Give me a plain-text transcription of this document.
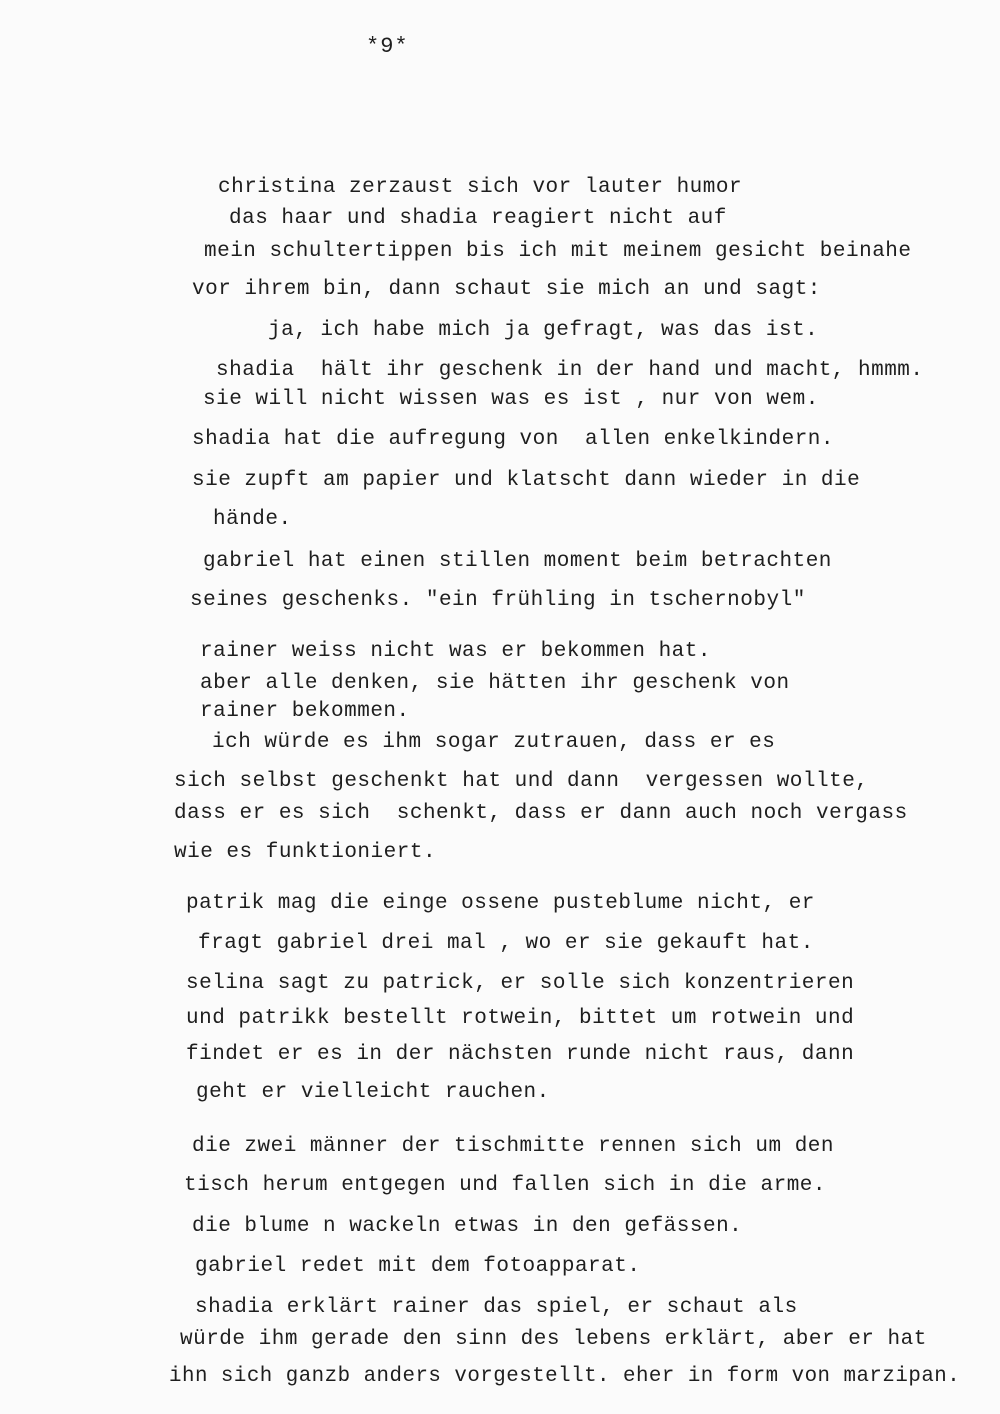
*9*
christina zerzaust sich vor lauter humor
das haar und shadia reagiert nicht auf
mein schultertippen bis ich mit meinem gesicht beinahe
vor ihrem bin, dann schaut sie mich an und sagt:
ja, ich habe mich ja gefragt, was das ist.
shadia  hält ihr geschenk in der hand und macht, hmmm.
sie will nicht wissen was es ist , nur von wem.
shadia hat die aufregung von  allen enkelkindern.
sie zupft am papier und klatscht dann wieder in die
hände.
gabriel hat einen stillen moment beim betrachten
seines geschenks. "ein frühling in tschernobyl"
rainer weiss nicht was er bekommen hat.
aber alle denken, sie hätten ihr geschenk von
rainer bekommen.
ich würde es ihm sogar zutrauen, dass er es
sich selbst geschenkt hat und dann  vergessen wollte,
dass er es sich  schenkt, dass er dann auch noch vergass
wie es funktioniert.
patrik mag die einge ossene pusteblume nicht, er
fragt gabriel drei mal , wo er sie gekauft hat.
selina sagt zu patrick, er solle sich konzentrieren
und patrikk bestellt rotwein, bittet um rotwein und
findet er es in der nächsten runde nicht raus, dann
geht er vielleicht rauchen.
die zwei männer der tischmitte rennen sich um den
tisch herum entgegen und fallen sich in die arme.
die blume n wackeln etwas in den gefässen.
gabriel redet mit dem fotoapparat.
shadia erklärt rainer das spiel, er schaut als
würde ihm gerade den sinn des lebens erklärt, aber er hat
ihn sich ganzb anders vorgestellt. eher in form von marzipan.
